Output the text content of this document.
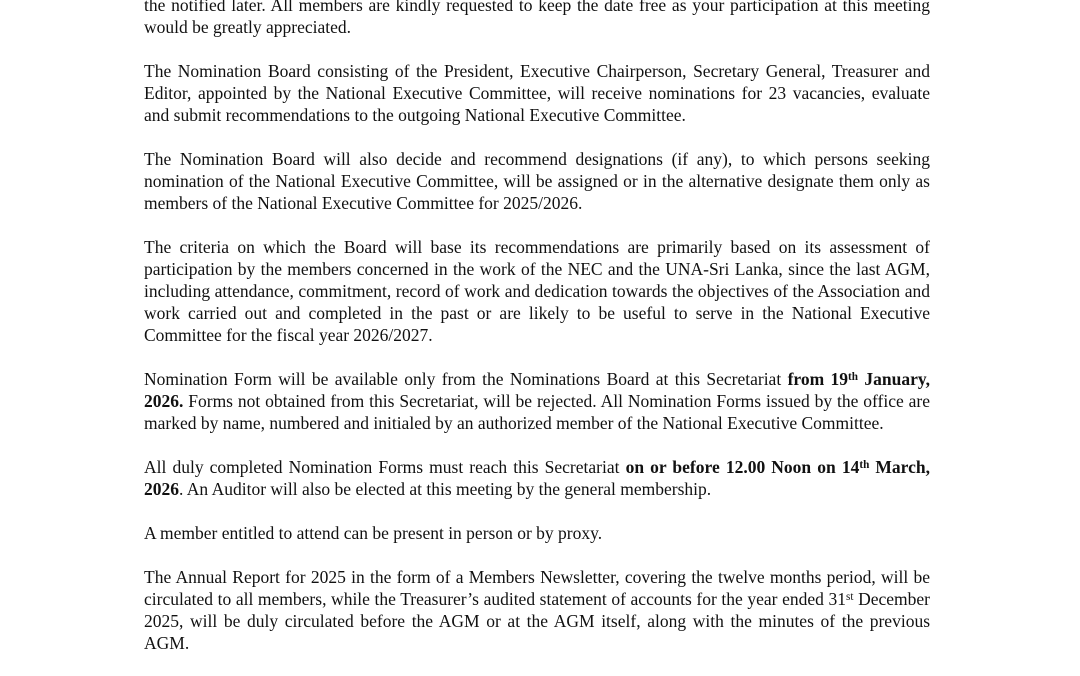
the notified later. All members are kindly requested to keep the date free as your participation at this meeting would be greatly appreciated.

The Nomination Board consisting of the President, Executive Chairperson, Secretary General, Treasurer and Editor, appointed by the National Executive Committee, will receive nominations for 23 vacancies, evaluate and submit recommendations to the outgoing National Executive Committee.

The Nomination Board will also decide and recommend designations (if any), to which persons seeking nomination of the National Executive Committee, will be assigned or in the alternative designate them only as members of the National Executive Committee for 2025/2026.

The criteria on which the Board will base its recommendations are primarily based on its assessment of participation by the members concerned in the work of the NEC and the UNA-Sri Lanka, since the last AGM, including attendance, commitment, record of work and dedication towards the objectives of the Association and work carried out and completed in the past or are likely to be useful to serve in the National Executive Committee for the fiscal year 2026/2027.

Nomination Form will be available only from the Nominations Board at this Secretariat from 19th January, 2026. Forms not obtained from this Secretariat, will be rejected. All Nomination Forms issued by the office are marked by name, numbered and initialed by an authorized member of the National Executive Committee.

All duly completed Nomination Forms must reach this Secretariat on or before 12.00 Noon on 14th March, 2026. An Auditor will also be elected at this meeting by the general membership.

A member entitled to attend can be present in person or by proxy.

The Annual Report for 2025 in the form of a Members Newsletter, covering the twelve months period, will be circulated to all members, while the Treasurer’s audited statement of accounts for the year ended 31st December 2025, will be duly circulated before the AGM or at the AGM itself, along with the minutes of the previous AGM.
